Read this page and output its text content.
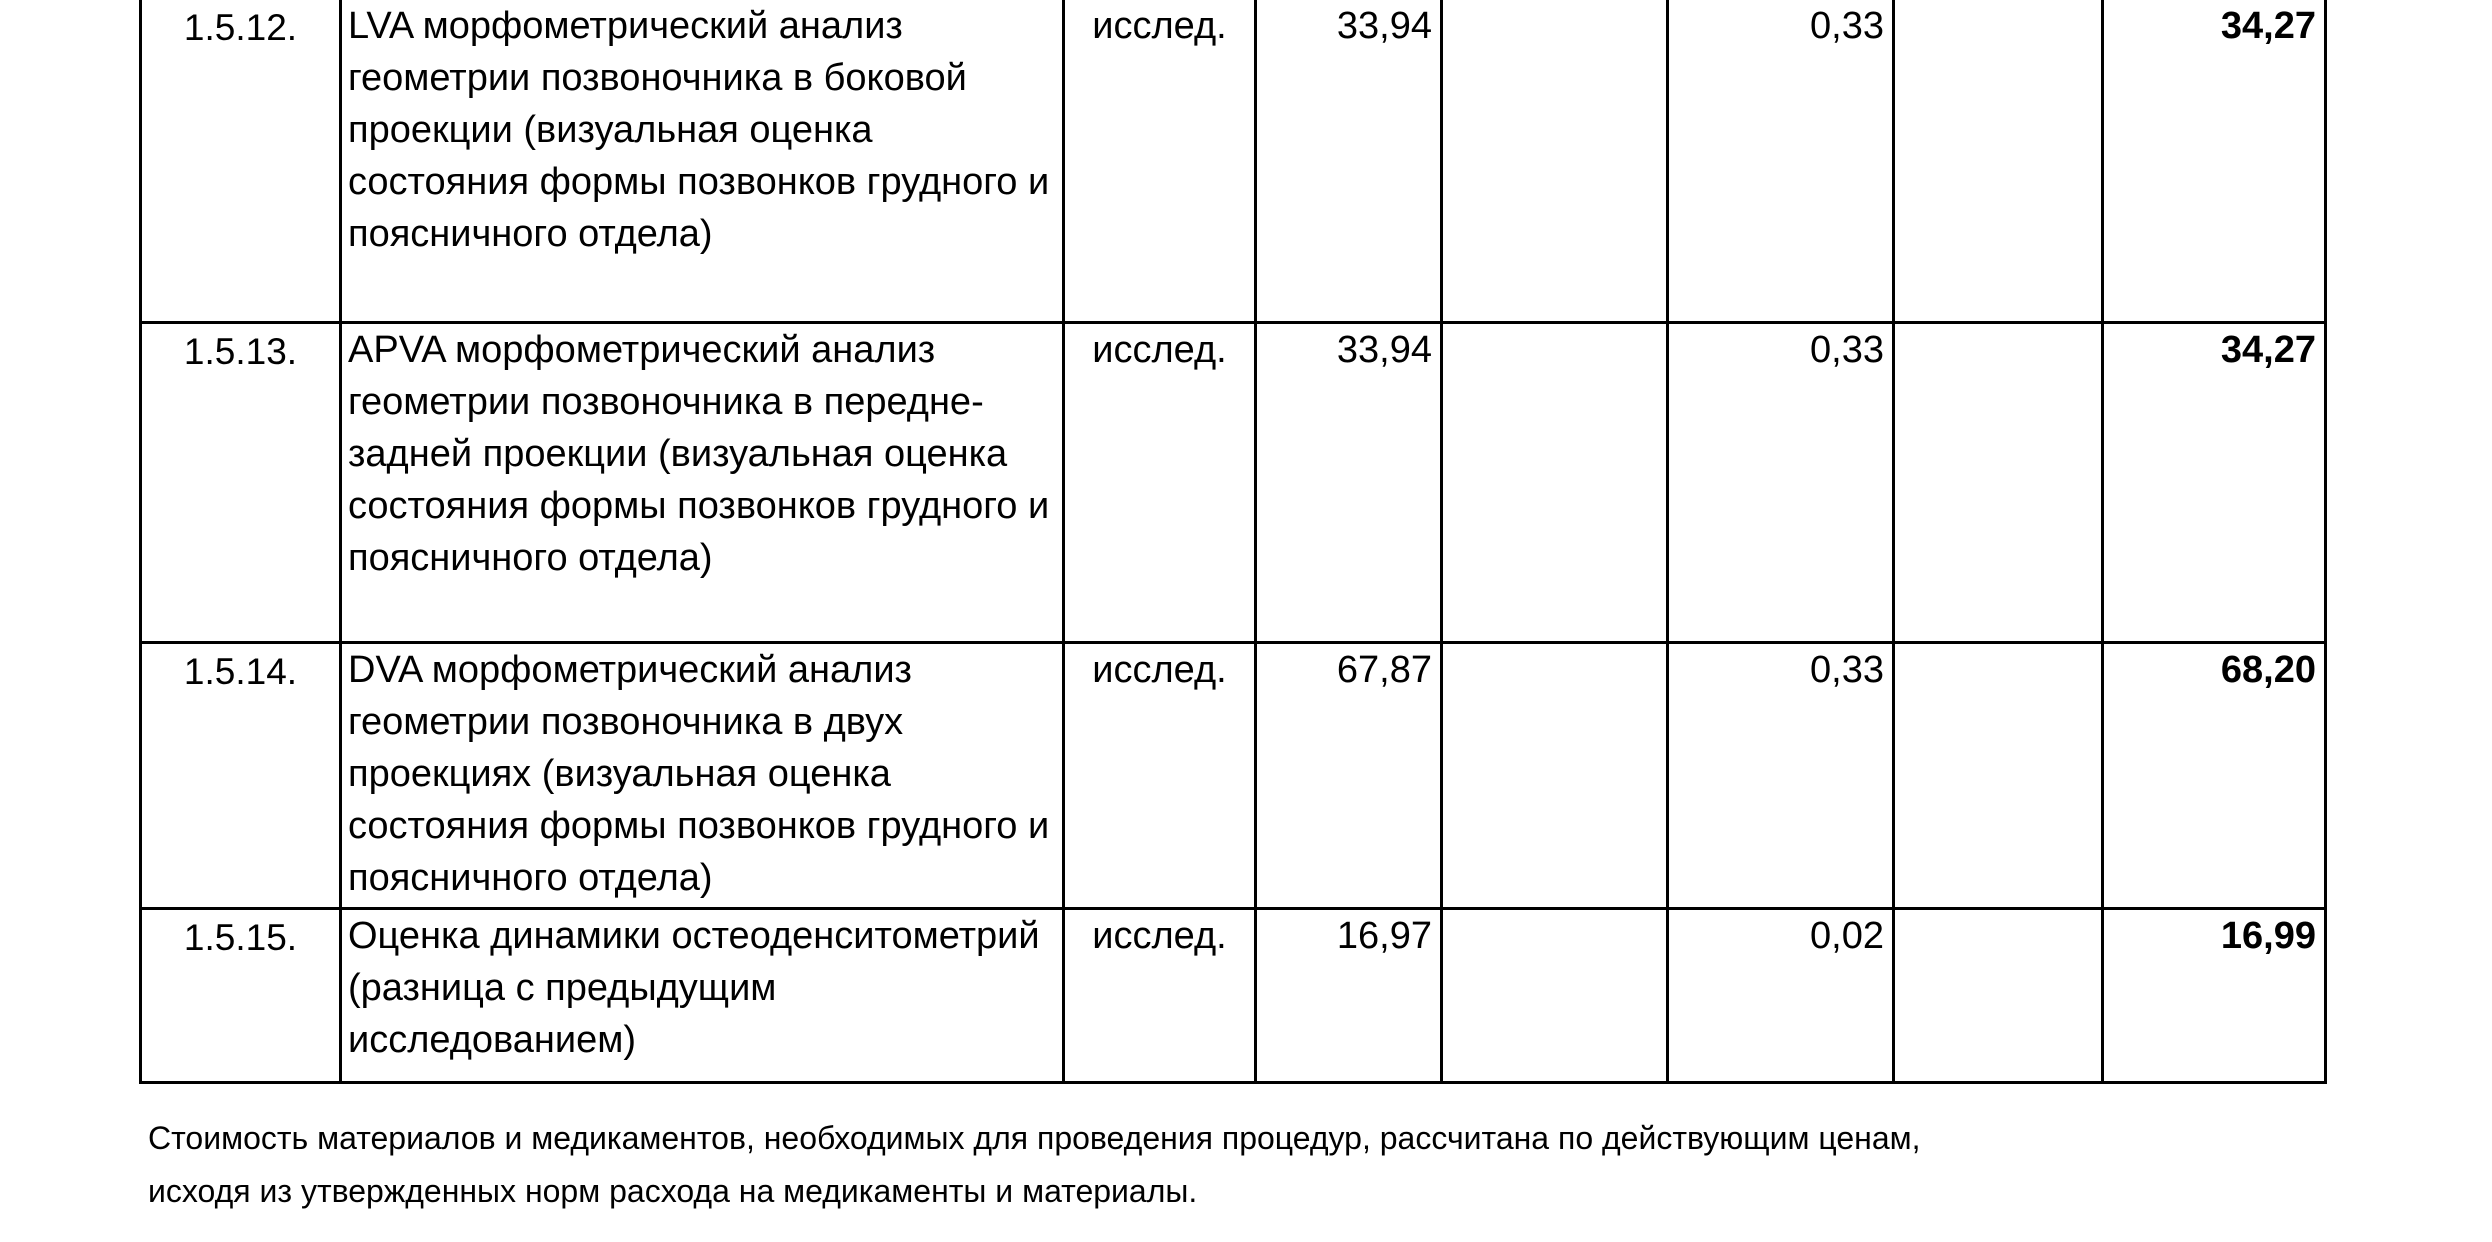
1.5.12.	LVA морфометрический анализ геометрии позвоночника в боковой проекции (визуальная оценка состояния формы позвонков грудного и поясничного отдела)	исслед.	33,94		0,33		34,27
1.5.13.	APVA морфометрический анализ геометрии позвоночника в передне-задней проекции (визуальная оценка состояния формы позвонков грудного и поясничного отдела)	исслед.	33,94		0,33		34,27
1.5.14.	DVA морфометрический анализ геометрии позвоночника в двух проекциях (визуальная оценка состояния формы позвонков грудного и поясничного отдела)	исслед.	67,87		0,33		68,20
1.5.15.	Оценка динамики остеоденситометрий (разница с предыдущим исследованием)	исслед.	16,97		0,02		16,99
Стоимость материалов и медикаментов, необходимых для проведения процедур, рассчитана по действующим ценам,
исходя из утвержденных норм расхода на медикаменты и материалы.
